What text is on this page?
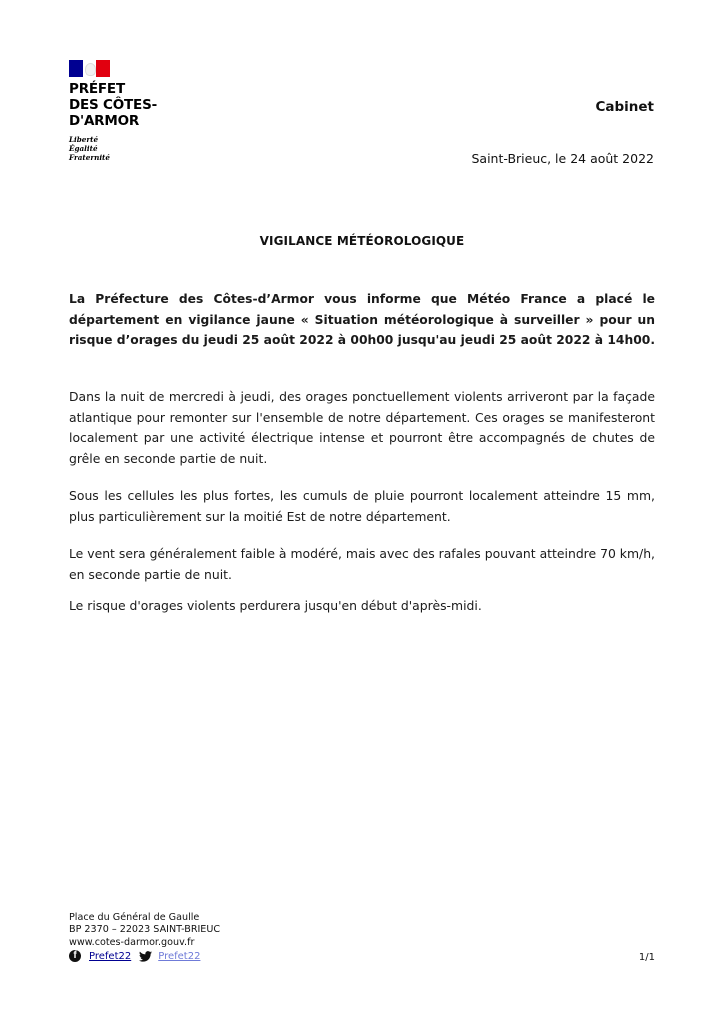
PRÉFET

DES CÔTES-

D'ARMOR

Liberté
Égalité
Fraternité
Cabinet
Saint-Brieuc, le 24 août 2022
VIGILANCE MÉTÉOROLOGIQUE

La Préfecture des Côtes-d’Armor vous informe que Météo France a placé le département en vigilance jaune « Situation météorologique à surveiller » pour un risque d’orages du jeudi 25 août 2022 à 00h00 jusqu'au jeudi 25 août 2022 à 14h00.

Dans la nuit de mercredi à jeudi, des orages ponctuellement violents arriveront par la façade atlantique pour remonter sur l'ensemble de notre département. Ces orages se manifesteront localement par une activité électrique intense et pourront être accompagnés de chutes de grêle en seconde partie de nuit.

Sous les cellules les plus fortes, les cumuls de pluie pourront localement atteindre 15 mm, plus particulièrement sur la moitié Est de notre département.

Le vent sera généralement faible à modéré, mais avec des rafales pouvant atteindre 70 km/h, en seconde partie de nuit.

Le risque d'orages violents perdurera jusqu'en début d'après-midi.

Place du Général de Gaulle
BP 2370 – 22023 SAINT-BRIEUC
www.cotes-darmor.gouv.fr
f	Prefet22	Prefet22	1/1
